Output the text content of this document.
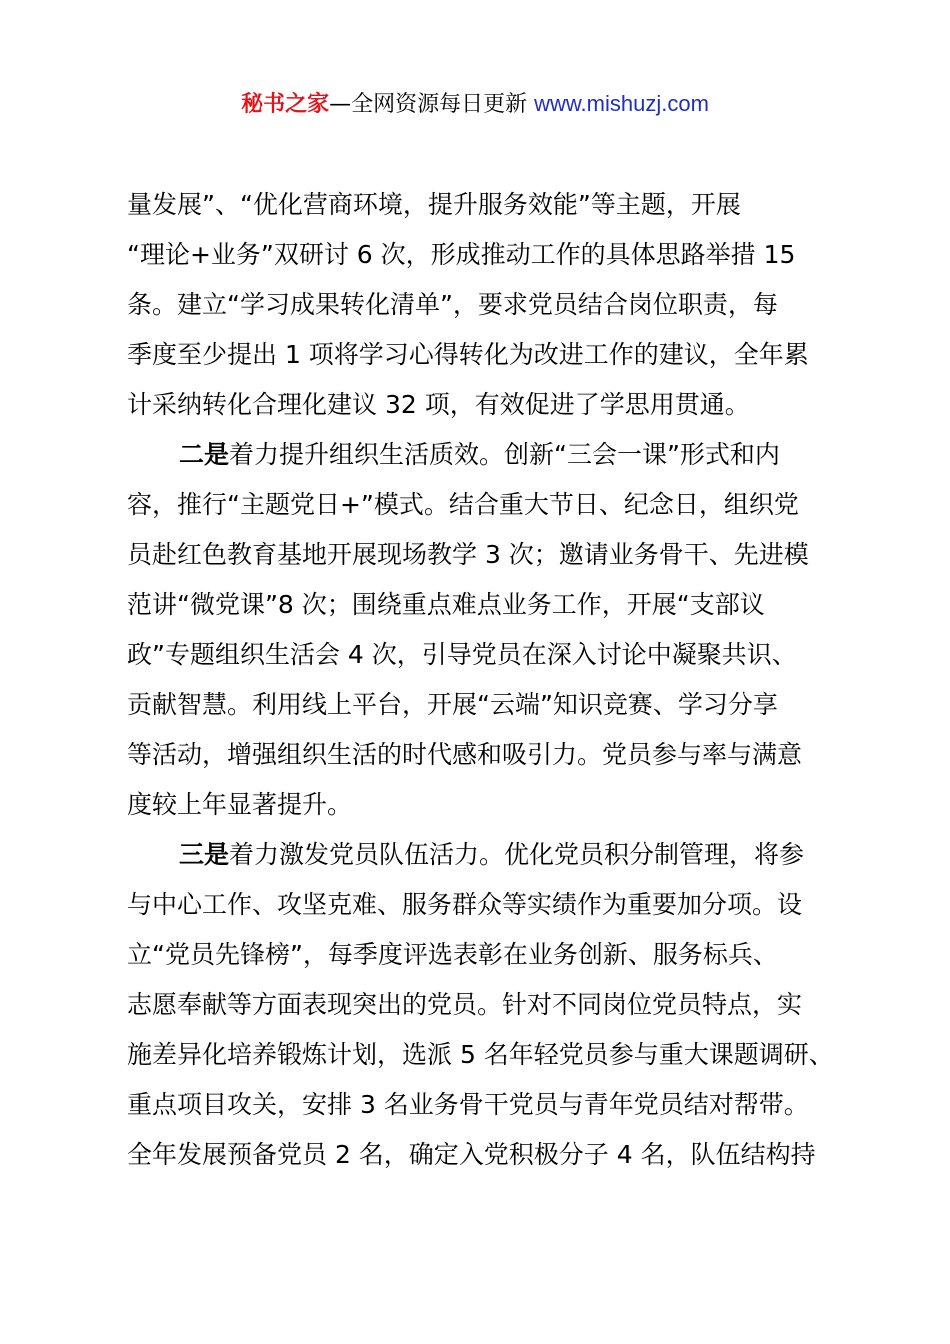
秘书之家—全网资源每日更新 www.mishuzj.com
量发展”、“优化营商环境，提升服务效能”等主题，开展
“理论+业务”双研讨 6 次，形成推动工作的具体思路举措 15
条。建立“学习成果转化清单”，要求党员结合岗位职责，每
季度至少提出 1 项将学习心得转化为改进工作的建议，全年累
计采纳转化合理化建议 32 项，有效促进了学思用贯通。
二是着力提升组织生活质效。创新“三会一课”形式和内
容，推行“主题党日+”模式。结合重大节日、纪念日，组织党
员赴红色教育基地开展现场教学 3 次；邀请业务骨干、先进模
范讲“微党课”8 次；围绕重点难点业务工作，开展“支部议
政”专题组织生活会 4 次，引导党员在深入讨论中凝聚共识、
贡献智慧。利用线上平台，开展“云端”知识竞赛、学习分享
等活动，增强组织生活的时代感和吸引力。党员参与率与满意
度较上年显著提升。
三是着力激发党员队伍活力。优化党员积分制管理，将参
与中心工作、攻坚克难、服务群众等实绩作为重要加分项。设
立“党员先锋榜”，每季度评选表彰在业务创新、服务标兵、
志愿奉献等方面表现突出的党员。针对不同岗位党员特点，实
施差异化培养锻炼计划，选派 5 名年轻党员参与重大课题调研、
重点项目攻关，安排 3 名业务骨干党员与青年党员结对帮带。
全年发展预备党员 2 名，确定入党积极分子 4 名，队伍结构持
